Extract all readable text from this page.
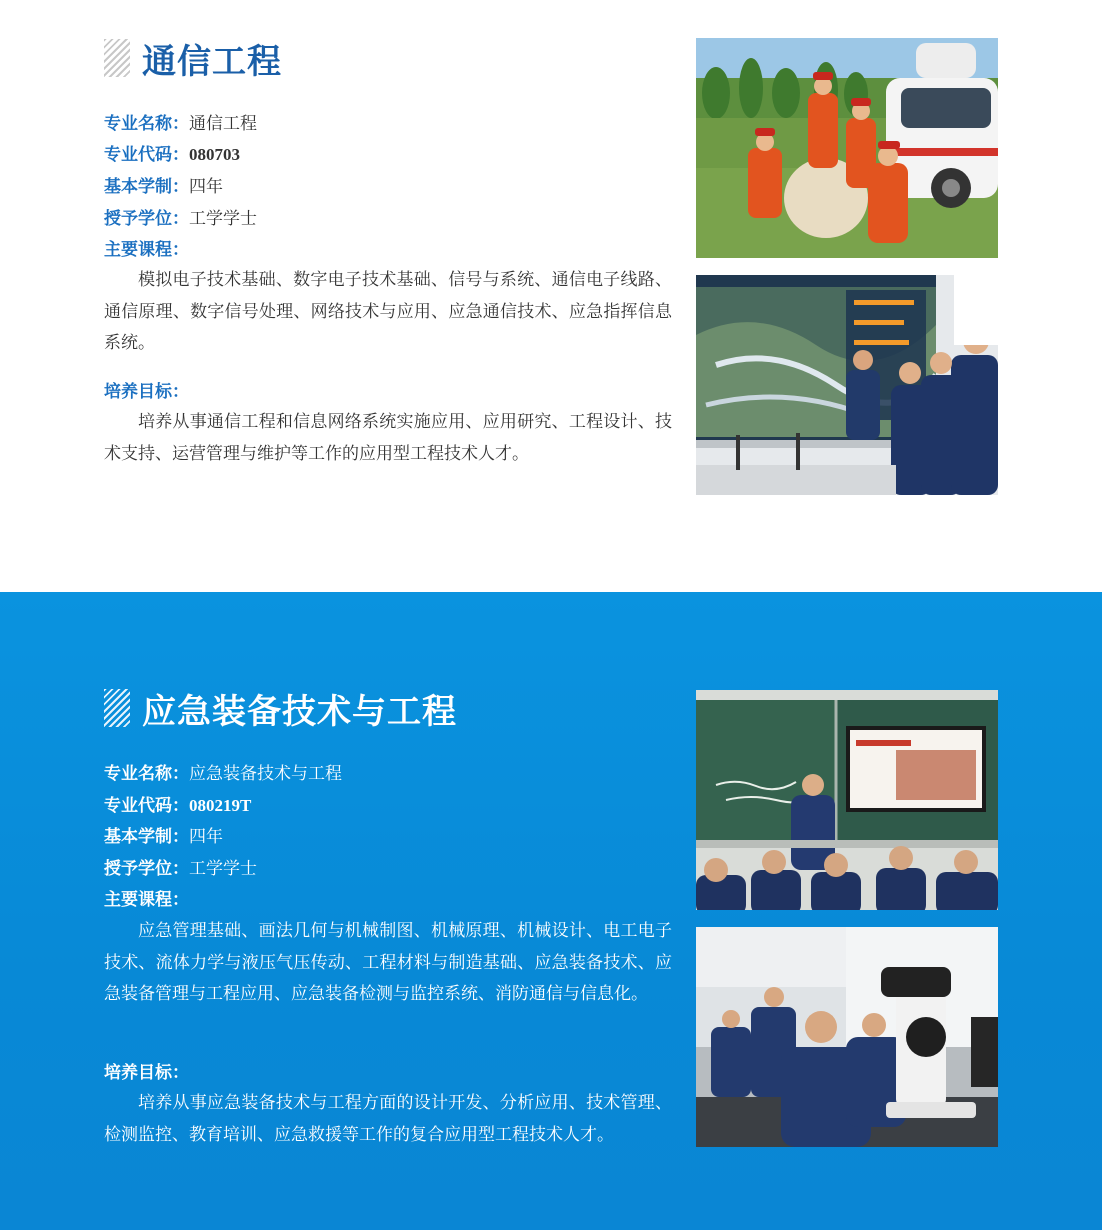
通信工程
专业名称：通信工程
专业代码：080703
基本学制：四年
授予学位：工学学士
主要课程：

模拟电子技术基础、数字电子技术基础、信号与系统、通信电子线路、通信原理、数字信号处理、网络技术与应用、应急通信技术、应急指挥信息系统。

培养目标：

培养从事通信工程和信息网络系统实施应用、应用研究、工程设计、技术支持、运营管理与维护等工作的应用型工程技术人才。

应急装备技术与工程
专业名称：应急装备技术与工程
专业代码：080219T
基本学制：四年
授予学位：工学学士
主要课程：

应急管理基础、画法几何与机械制图、机械原理、机械设计、电工电子技术、流体力学与液压气压传动、工程材料与制造基础、应急装备技术、应急装备管理与工程应用、应急装备检测与监控系统、消防通信与信息化。

培养目标：

培养从事应急装备技术与工程方面的设计开发、分析应用、技术管理、检测监控、教育培训、应急救援等工作的复合应用型工程技术人才。
